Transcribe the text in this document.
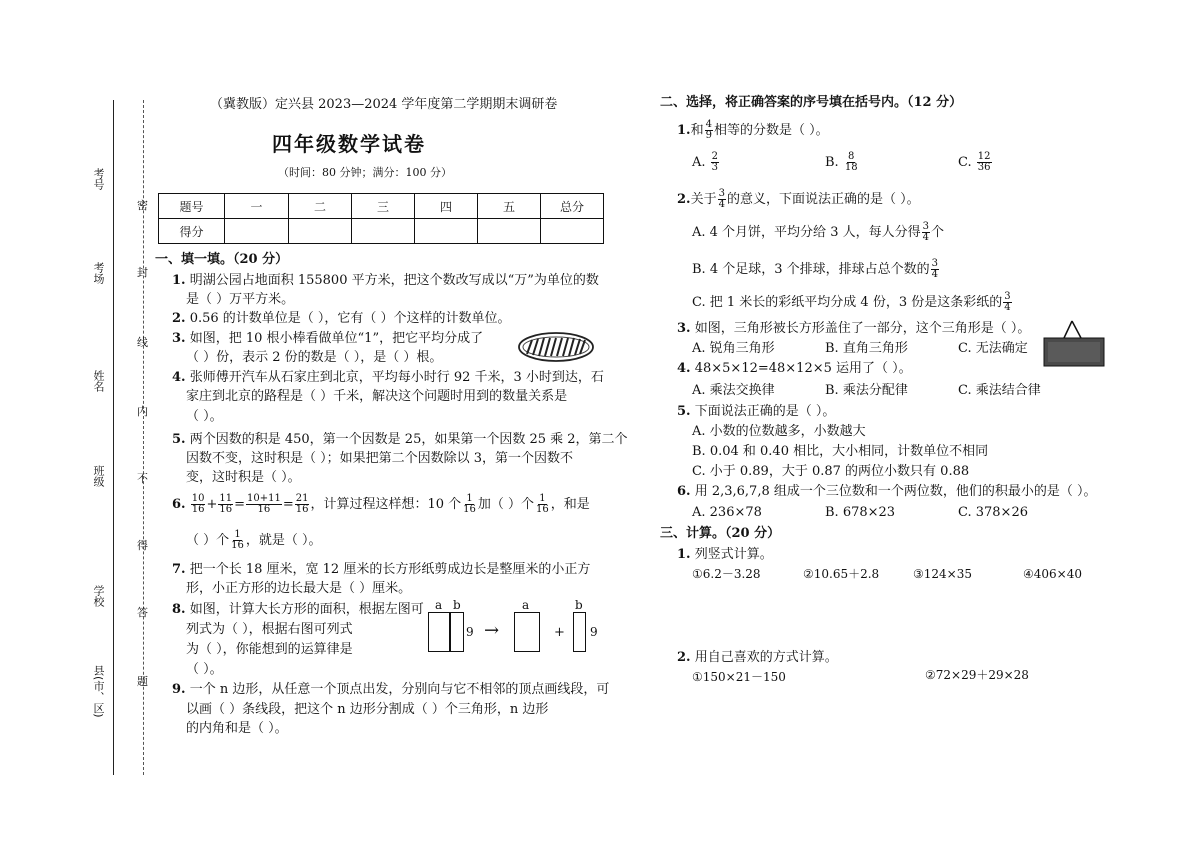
考号
考场
姓名
班级
学校
县(市、区)
密
封
线
内
不
得
答
题
（冀教版）定兴县 2023—2024 学年度第二学期期末调研卷
四年级数学试卷
（时间：80 分钟；满分：100 分）
题号	一	二	三	四	五	总分
得分						
一、填一填。（20 分）
1. 明湖公园占地面积 155800 平方米，把这个数改写成以“万”为单位的数
是（ ）万平方米。
2. 0.56 的计数单位是（ ），它有（ ）个这样的计数单位。
3. 如图，把 10 根小棒看做单位“1”，把它平均分成了
（ ）份，表示 2 份的数是（ ），是（ ）根。
4. 张师傅开汽车从石家庄到北京，平均每小时行 92 千米，3 小时到达，石
家庄到北京的路程是（ ）千米，解决这个问题时用到的数量关系是
（ ）。
5. 两个因数的积是 450，第一个因数是 25，如果第一个因数 25 乘 2，第二个
因数不变，这时积是（ ）；如果把第二个因数除以 3，第一个因数不
变，这时积是（ ）。
6. $\frac{10}{16} + \frac{11}{16} = \frac{10+11}{16} = \frac{21}{16}$ ，计算过程这样想：10 个 $\frac{1}{16}$ 加（ ）个 $\frac{1}{16}$ ，和是
（ ）个 $\frac{1}{16}$ ，就是（ ）。
7. 把一个长 18 厘米，宽 12 厘米的长方形纸剪成边长是整厘米的小正方
形，小正方形的边长最大是（ ）厘米。
8. 如图，计算大长方形的面积，根据左图可
列式为（ ），根据右图可列式
为（ ），你能想到的运算律是
（ ）。
a b
9 →
a
+
b
9
9. 一个 n 边形，从任意一个顶点出发，分别向与它不相邻的顶点画线段，可
以画（ ）条线段，把这个 n 边形分割成（ ）个三角形，n 边形
的内角和是（ ）。
二、选择，将正确答案的序号填在括号内。（12 分）
1.和 $\frac{4}{9}$ 相等的分数是（ ）。
A. $\frac{2}{3}$	B. $\frac{8}{18}$	C. $\frac{12}{36}$
2.关于 $\frac{3}{4}$ 的意义，下面说法正确的是（ ）。
A. 4 个月饼，平均分给 3 人，每人分得 $\frac{3}{4}$ 个
B. 4 个足球，3 个排球，排球占总个数的 $\frac{3}{4}$
C. 把 1 米长的彩纸平均分成 4 份，3 份是这条彩纸的 $\frac{3}{4}$
3. 如图，三角形被长方形盖住了一部分，这个三角形是（ ）。
A. 锐角三角形	B. 直角三角形	C. 无法确定
4. 48×5×12=48×12×5 运用了（ ）。
A. 乘法交换律	B. 乘法分配律	C. 乘法结合律
5. 下面说法正确的是（ ）。
A. 小数的位数越多，小数越大
B. 0.04 和 0.40 相比，大小相同，计数单位不相同
C. 小于 0.89，大于 0.87 的两位小数只有 0.88
6. 用 2,3,6,7,8 组成一个三位数和一个两位数，他们的积最小的是（ ）。
A. 236×78	B. 678×23	C. 378×26
三、计算。（20 分）
1. 列竖式计算。
①6.2－3.28	②10.65＋2.8	③124×35	④406×40
2. 用自己喜欢的方式计算。
①150×21－150	②72×29＋29×28
